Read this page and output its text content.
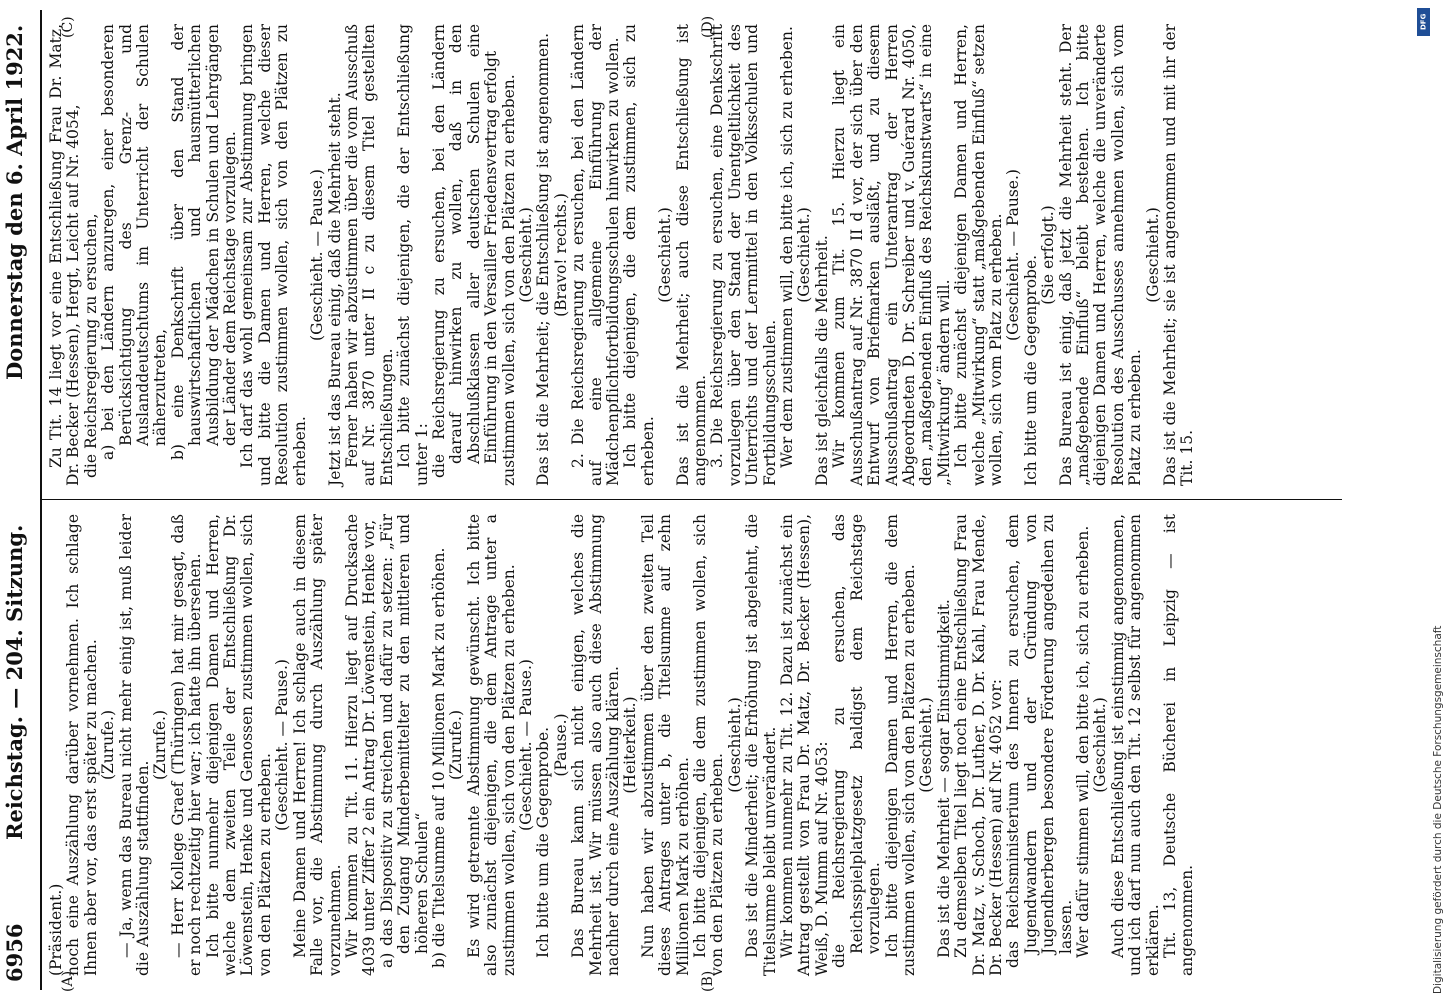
6956
Reichstag. — 204. Sitzung.
Donnerstag den 6. April 1922.
(A)	(B)
(C)	(D)

(Präsident.) noch eine Auszählung darüber vornehmen. Ich schlage Ihnen aber vor, das erst später zu machen. (Zurufe.) — Ja, wenn das Bureau nicht mehr einig ist, muß leider die Auszählung stattfinden.

(Zurufe.) — Herr Kollege Graef (Thüringen) hat mir gesagt, daß er noch rechtzeitig hier war; ich hatte ihn übersehen. Ich bitte nunmehr diejenigen Damen und Herren, welche dem zweiten Teile der Entschließung Dr. Löwenstein, Henke und Genossen zustimmen wollen, sich von den Plätzen zu erheben.

(Geschieht. — Pause.) Meine Damen und Herren! Ich schlage auch in diesem Falle vor, die Abstimmung durch Auszählung später vorzunehmen. Wir kommen zu Tit. 11. Hierzu liegt auf Drucksache 4039 unter Ziffer 2 ein Antrag Dr. Löwenstein, Henke vor, a) das Dispositiv zu streichen und dafür zu setzen: „Für den Zugang Minderbemittelter zu den mittleren und höheren Schulen“ b) die Titelsumme auf 10 Millionen Mark zu erhöhen. (Zurufe.) Es wird getrennte Abstimmung gewünscht. Ich bitte also zunächst diejenigen, die dem Antrage unter a zustimmen wollen, sich von den Plätzen zu erheben. (Geschieht. — Pause.) Ich bitte um die Gegenprobe. (Pause.) Das Bureau kann sich nicht einigen, welches die Mehrheit ist. Wir müssen also auch diese Abstimmung nachher durch eine Auszählung klären. (Heiterkeit.) Nun haben wir abzustimmen über den zweiten Teil dieses Antrages unter b, die Titelsumme auf zehn Millionen Mark zu erhöhen. Ich bitte diejenigen, die dem zustimmen wollen, sich von den Plätzen zu erheben.

(Geschieht.) Das ist die Minderheit; die Erhöhung ist abgelehnt, die Titelsumme bleibt unverändert. Wir kommen nunmehr zu Tit. 12. Dazu ist zunächst ein Antrag gestellt von Frau Dr. Matz, Dr. Becker (Hessen), Weiß, D. Mumm auf Nr. 4053: die Reichsregierung zu ersuchen, das Reichsspielplatzgesetz baldigst dem Reichstage vorzulegen. Ich bitte diejenigen Damen und Herren, die dem zustimmen wollen, sich von den Plätzen zu erheben. (Geschieht.) Das ist die Mehrheit — sogar Einstimmigkeit. Zu demselben Titel liegt noch eine Entschließung Frau Dr. Matz, v. Schoch, Dr. Luther, D. Dr. Kahl, Frau Mende, Dr. Becker (Hessen) auf Nr. 4052 vor: das Reichsministerium des Innern zu ersuchen, dem Jugendwandern und der Gründung von Jugendherbergen besondere Förderung angedeihen zu lassen. Wer dafür stimmen will, den bitte ich, sich zu erheben. (Geschieht.) Auch diese Entschließung ist einstimmig angenommen, und ich darf nun auch den Tit. 12 selbst für angenommen erklären. Tit. 13, Deutsche Bücherei in Leipzig — ist angenommen.

Zu Tit. 14 liegt vor eine Entschließung Frau Dr. Matz, Dr. Becker (Hessen), Hergt, Leicht auf Nr. 4054, die Reichsregierung zu ersuchen, a) bei den Ländern anzuregen, einer besonderen Berücksichtigung des Grenz- und Auslanddeutschtums im Unterricht der Schulen näherzutreten, b) eine Denkschrift über den Stand der hauswirtschaftlichen und hausmütterlichen Ausbildung der Mädchen in Schulen und Lehrgängen der Länder dem Reichstage vorzulegen. Ich darf das wohl gemeinsam zur Abstimmung bringen und bitte die Damen und Herren, welche dieser Resolution zustimmen wollen, sich von den Plätzen zu erheben.

(Geschieht. — Pause.) Jetzt ist das Bureau einig, daß die Mehrheit steht. Ferner haben wir abzustimmen über die vom Ausschuß auf Nr. 3870 unter II c zu diesem Titel gestellten Entschließungen. Ich bitte zunächst diejenigen, die der Entschließung unter 1: die Reichsregierung zu ersuchen, bei den Ländern darauf hinwirken zu wollen, daß in den Abschlußklassen aller deutschen Schulen eine Einführung in den Versailler Friedensvertrag erfolgt zustimmen wollen, sich von den Plätzen zu erheben. (Geschieht.) Das ist die Mehrheit; die Entschließung ist angenommen. (Bravo! rechts.) 2. Die Reichsregierung zu ersuchen, bei den Ländern auf eine allgemeine Einführung der Mädchenpflichtfortbildungsschulen hinwirken zu wollen. Ich bitte diejenigen, die dem zustimmen, sich zu erheben.

(Geschieht.) Das ist die Mehrheit; auch diese Entschließung ist angenommen. 3. Die Reichsregierung zu ersuchen, eine Denkschrift vorzulegen über den Stand der Unentgeltlichkeit des Unterrichts und der Lernmittel in den Volksschulen und Fortbildungsschulen. Wer dem zustimmen will, den bitte ich, sich zu erheben. (Geschieht.) Das ist gleichfalls die Mehrheit. Wir kommen zum Tit. 15. Hierzu liegt ein Ausschußantrag auf Nr. 3870 II d vor, der sich über den Entwurf von Briefmarken ausläßt, und zu diesem Ausschußantrag ein Unterantrag der Herren Abgeordneten D. Dr. Schreiber und v. Guérard Nr. 4050, den „maßgebenden Einfluß des Reichskunstwarts“ in eine „Mitwirkung“ ändern will. Ich bitte zunächst diejenigen Damen und Herren, welche „Mitwirkung“ statt „maßgebenden Einfluß“ setzen wollen, sich vom Platz zu erheben. (Geschieht. — Pause.) Ich bitte um die Gegenprobe. (Sie erfolgt.) Das Bureau ist einig, daß jetzt die Mehrheit steht. Der „maßgebende Einfluß“ bleibt bestehen. Ich bitte diejenigen Damen und Herren, welche die unveränderte Resolution des Ausschusses annehmen wollen, sich vom Platz zu erheben.

(Geschieht.) Das ist die Mehrheit; sie ist angenommen und mit ihr der Tit. 15.

DFG
Digitalisierung gefördert durch die Deutsche Forschungsgemeinschaft
